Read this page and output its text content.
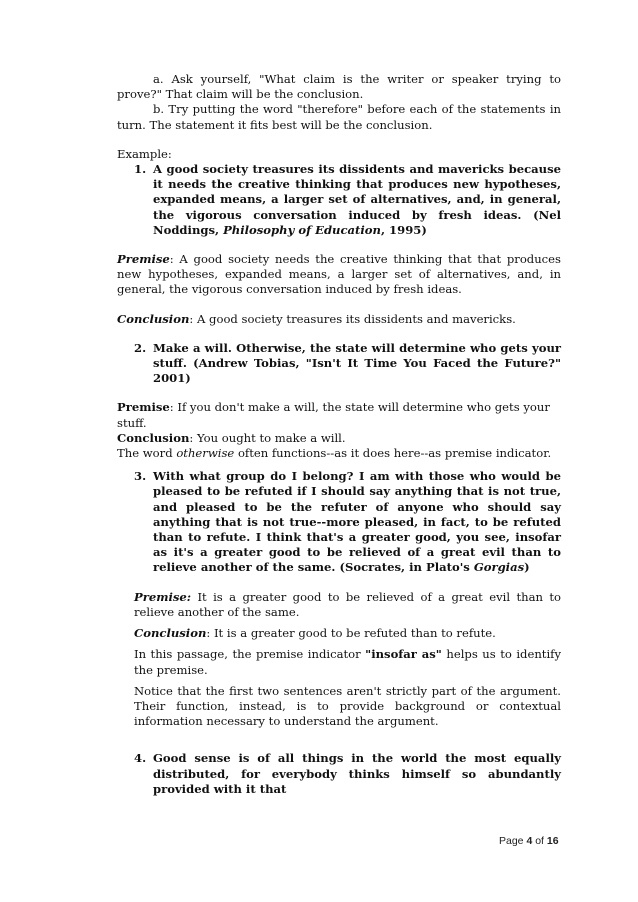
a. Ask yourself, "What claim is the writer or speaker trying to prove?" That claim will be the conclusion.

b. Try putting the word "therefore" before each of the statements in turn. The statement it fits best will be the conclusion.

Example:

1. A good society treasures its dissidents and mavericks because it needs the creative thinking that produces new hypotheses, expanded means, a larger set of alternatives, and, in general, the vigorous conversation induced by fresh ideas. (Nel Noddings, Philosophy of Education, 1995)

Premise: A good society needs the creative thinking that that produces new hypotheses, expanded means, a larger set of alternatives, and, in general, the vigorous conversation induced by fresh ideas.

Conclusion: A good society treasures its dissidents and mavericks.

2. Make a will. Otherwise, the state will determine who gets your stuff. (Andrew Tobias, "Isn't It Time You Faced the Future?" 2001)

Premise: If you don't make a will, the state will determine who gets your stuff.

Conclusion: You ought to make a will.

The word otherwise often functions--as it does here--as premise indicator.

3. With what group do I belong? I am with those who would be pleased to be refuted if I should say anything that is not true, and pleased to be the refuter of anyone who should say anything that is not true--more pleased, in fact, to be refuted than to refute. I think that's a greater good, you see, insofar as it's a greater good to be relieved of a great evil than to relieve another of the same. (Socrates, in Plato's Gorgias)

Premise: It is a greater good to be relieved of a great evil than to relieve another of the same.

Conclusion: It is a greater good to be refuted than to refute.

In this passage, the premise indicator "insofar as" helps us to identify the premise.

Notice that the first two sentences aren't strictly part of the argument. Their function, instead, is to provide background or contextual information necessary to understand the argument.

4. Good sense is of all things in the world the most equally distributed, for everybody thinks himself so abundantly provided with it that
Page 4 of 16
